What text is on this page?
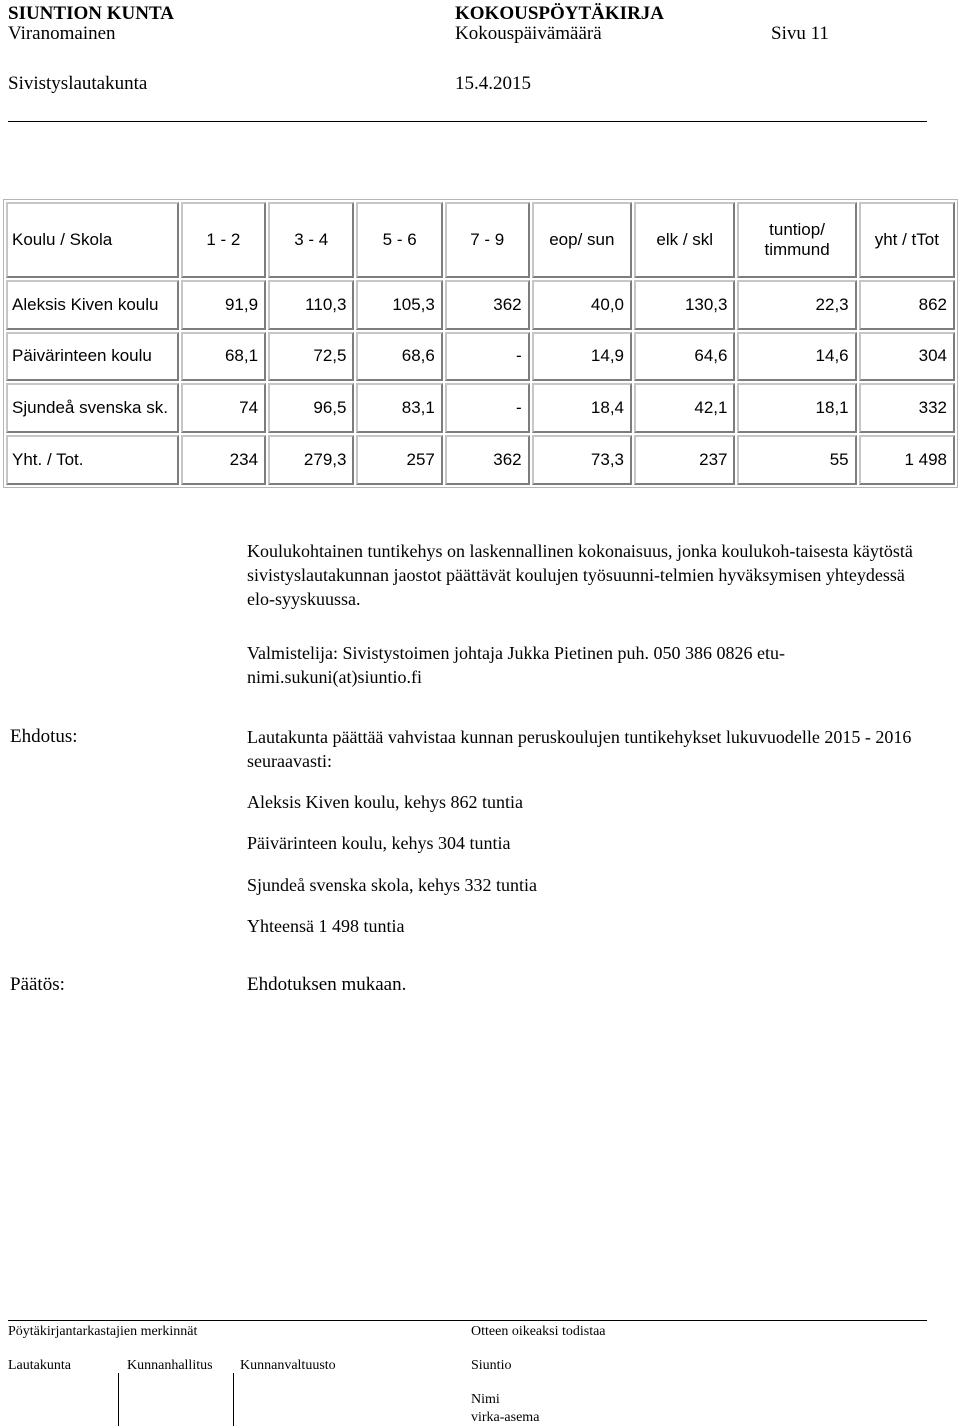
SIUNTION KUNTA	KOKOUSPÖYTÄKIRJA
Viranomainen	Kokouspäivämäärä	Sivu 11
Sivistyslautakunta	15.4.2015
Koulu / Skola	1 - 2	3 - 4	5 - 6	7 - 9	eop/ sun	elk / skl	tuntiop/ timmund	yht / tTot
Aleksis Kiven koulu	91,9	110,3	105,3	362	40,0	130,3	22,3	862
Päivärinteen koulu	68,1	72,5	68,6	-	14,9	64,6	14,6	304
Sjundeå svenska sk.	74	96,5	83,1	-	18,4	42,1	18,1	332
Yht. / Tot.	234	279,3	257	362	73,3	237	55	1 498
Koulukohtainen tuntikehys on laskennallinen kokonaisuus, jonka koulukoh-taisesta käytöstä sivistyslautakunnan jaostot päättävät koulujen työsuunni-telmien hyväksymisen yhteydessä elo-syyskuussa.
Valmistelija: Sivistystoimen johtaja Jukka Pietinen puh. 050 386 0826 etu-nimi.sukuni(at)siuntio.fi
Ehdotus:	Lautakunta päättää vahvistaa kunnan peruskoulujen tuntikehykset lukuvuodelle 2015 - 2016 seuraavasti:
Aleksis Kiven koulu, kehys 862 tuntia
Päivärinteen koulu, kehys 304 tuntia
Sjundeå svenska skola, kehys 332 tuntia
Yhteensä 1 498 tuntia
Päätös:	Ehdotuksen mukaan.
Pöytäkirjantarkastajien merkinnät	Otteen oikeaksi todistaa
Lautakunta	Kunnanhallitus Kunnanvaltuusto	Siuntio
Nimi
virka-asema
